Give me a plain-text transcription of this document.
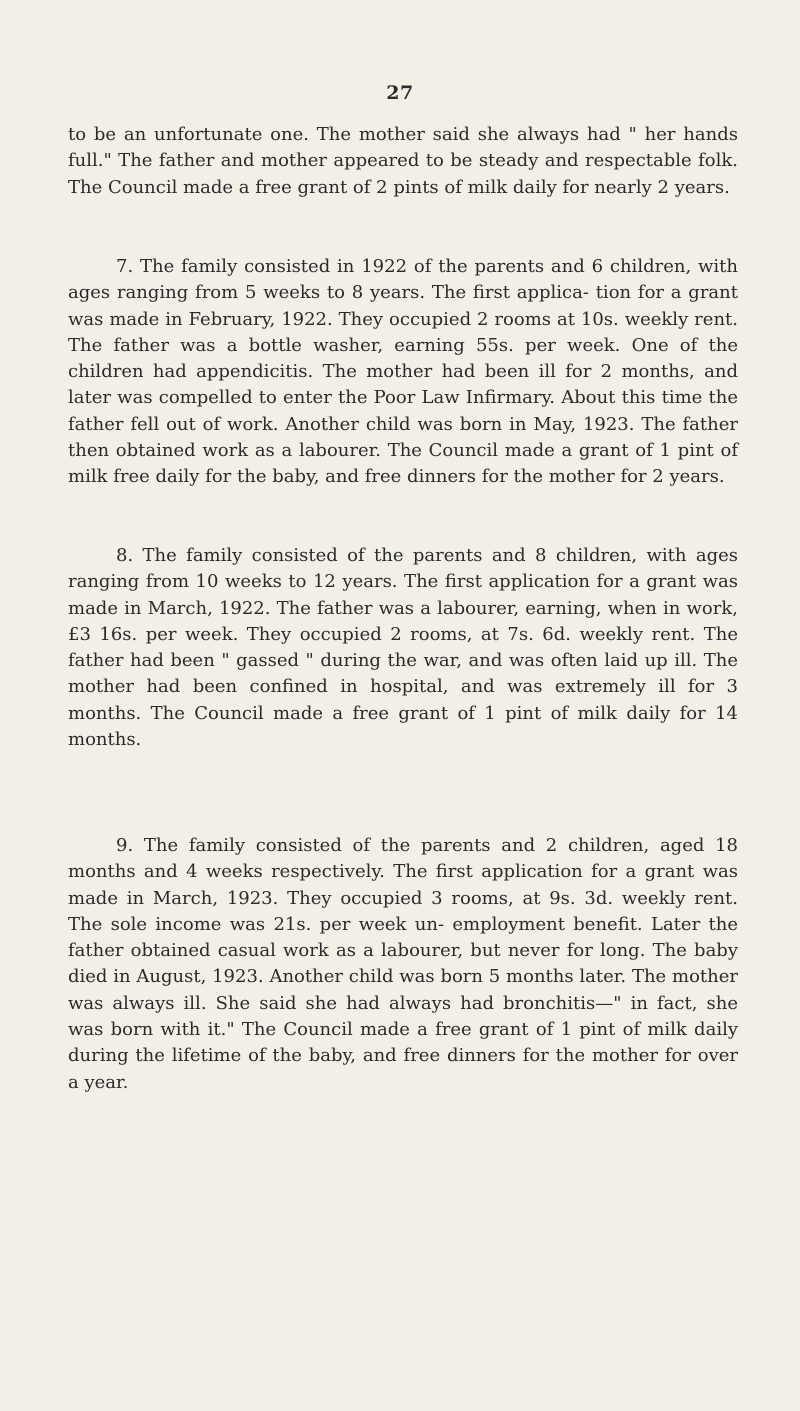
27

to be an unfortunate one. The mother said she always had " her hands full." The father and mother appeared to be steady and respectable folk. The Council made a free grant of 2 pints of milk daily for nearly 2 years.

7. The family consisted in 1922 of the parents and 6 children, with ages ranging from 5 weeks to 8 years. The first applica- tion for a grant was made in February, 1922. They occupied 2 rooms at 10s. weekly rent. The father was a bottle washer, earning 55s. per week. One of the children had appendicitis. The mother had been ill for 2 months, and later was compelled to enter the Poor Law Infirmary. About this time the father fell out of work. Another child was born in May, 1923. The father then obtained work as a labourer. The Council made a grant of 1 pint of milk free daily for the baby, and free dinners for the mother for 2 years.

8. The family consisted of the parents and 8 children, with ages ranging from 10 weeks to 12 years. The first application for a grant was made in March, 1922. The father was a labourer, earning, when in work, £3 16s. per week. They occupied 2 rooms, at 7s. 6d. weekly rent. The father had been " gassed " during the war, and was often laid up ill. The mother had been confined in hospital, and was extremely ill for 3 months. The Council made a free grant of 1 pint of milk daily for 14 months.

9. The family consisted of the parents and 2 children, aged 18 months and 4 weeks respectively. The first application for a grant was made in March, 1923. They occupied 3 rooms, at 9s. 3d. weekly rent. The sole income was 21s. per week un- employment benefit. Later the father obtained casual work as a labourer, but never for long. The baby died in August, 1923. Another child was born 5 months later. The mother was always ill. She said she had always had bronchitis—" in fact, she was born with it." The Council made a free grant of 1 pint of milk daily during the lifetime of the baby, and free dinners for the mother for over a year.
